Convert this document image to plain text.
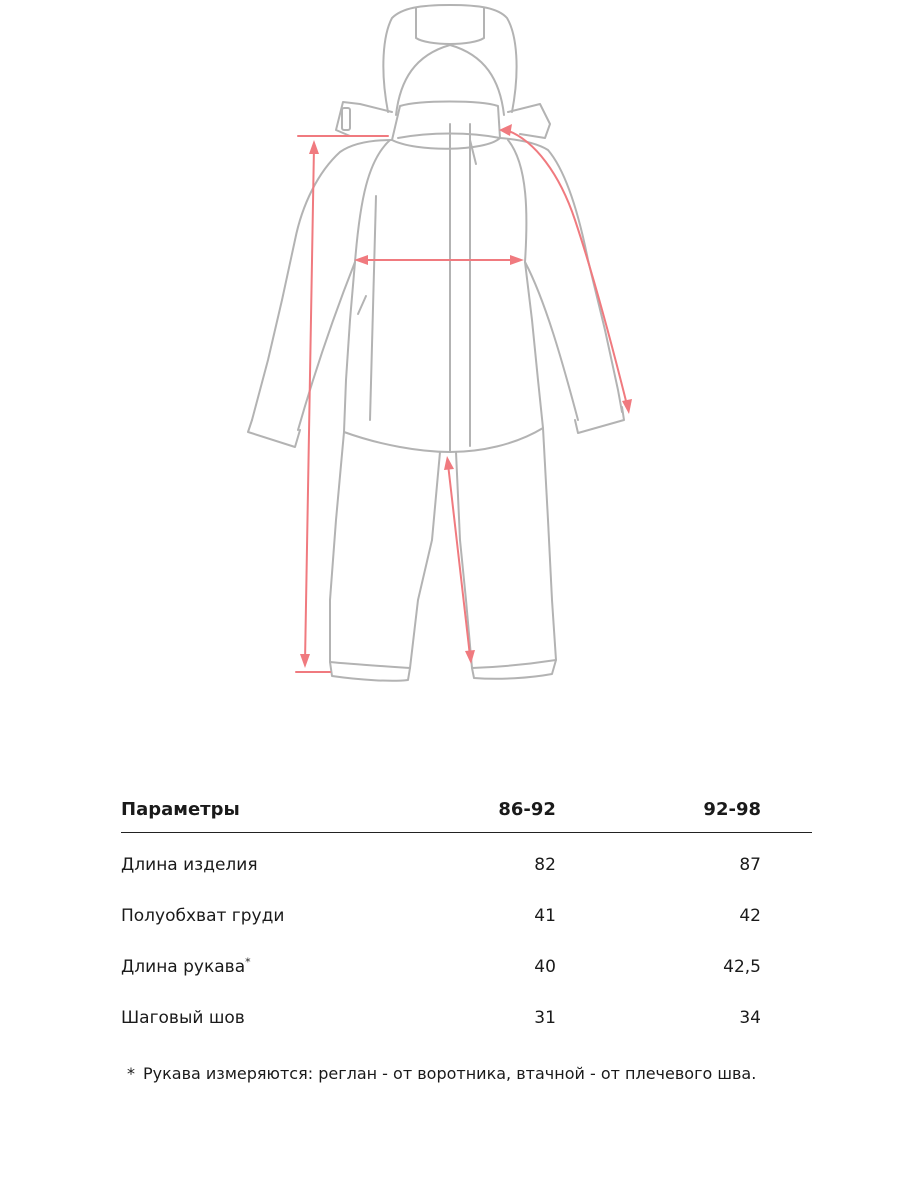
Параметры	86-92	92-98
Длина изделия	82	87
Полуобхват груди	41	42
Длина рукава*	40	42,5
Шаговый шов	31	34
* Рукава измеряются: реглан - от воротника, втачной - от плечевого шва.
